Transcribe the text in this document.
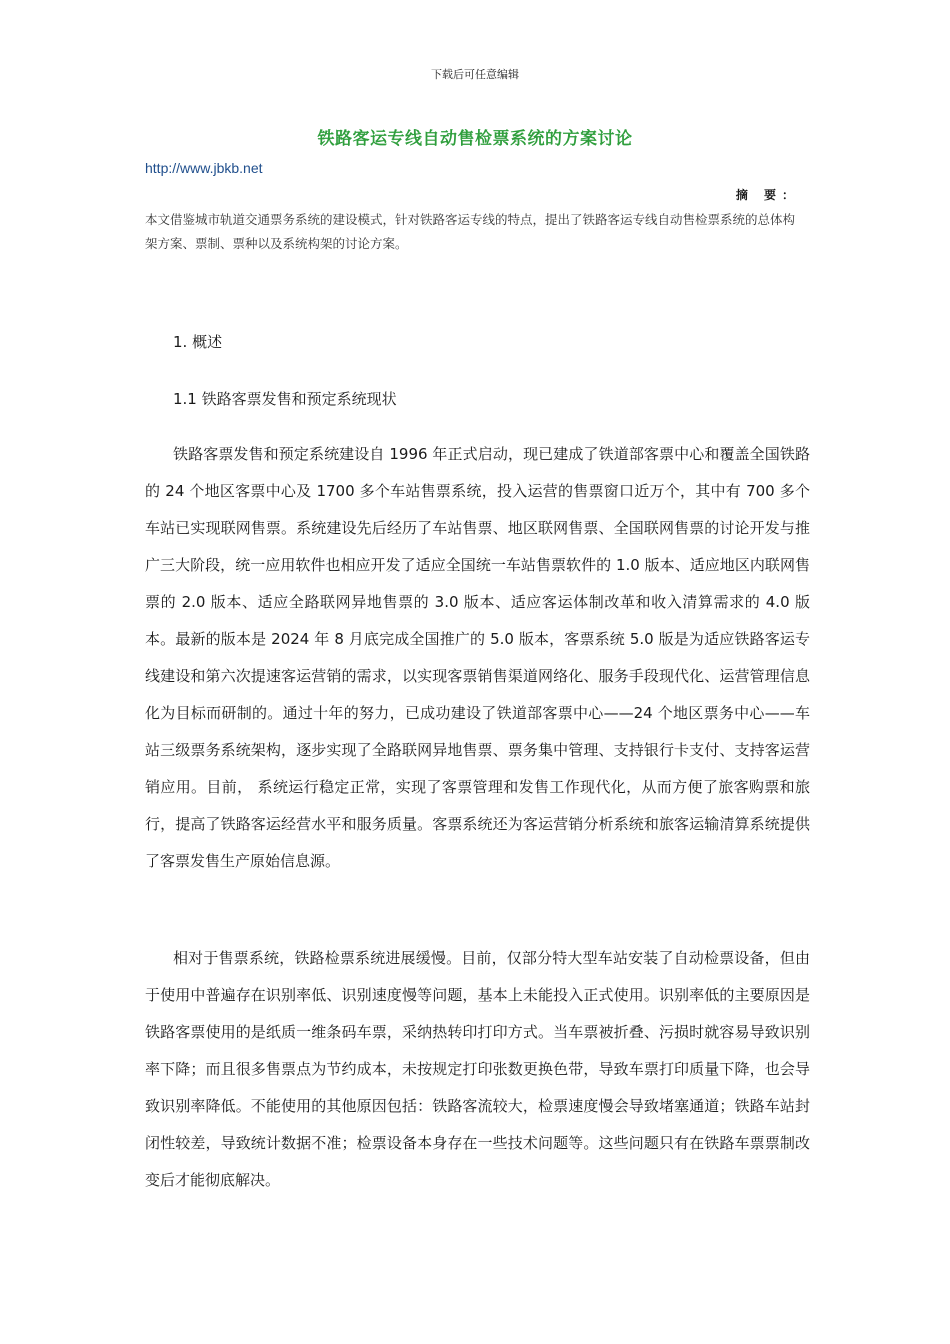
下载后可任意编辑
铁路客运专线自动售检票系统的方案讨论
http://www.jbkb.net
摘 要：
本文借鉴城市轨道交通票务系统的建设模式，针对铁路客运专线的特点，提出了铁路客运专线自动售检票系统的总体构架方案、票制、票种以及系统构架的讨论方案。
1. 概述
1.1 铁路客票发售和预定系统现状
铁路客票发售和预定系统建设自 1996 年正式启动，现已建成了铁道部客票中心和覆盖全国铁路的 24 个地区客票中心及 1700 多个车站售票系统，投入运营的售票窗口近万个，其中有 700 多个车站已实现联网售票。系统建设先后经历了车站售票、地区联网售票、全国联网售票的讨论开发与推广三大阶段，统一应用软件也相应开发了适应全国统一车站售票软件的 1.0 版本、适应地区内联网售票的 2.0 版本、适应全路联网异地售票的 3.0 版本、适应客运体制改革和收入清算需求的 4.0 版本。最新的版本是 2024 年 8 月底完成全国推广的 5.0 版本，客票系统 5.0 版是为适应铁路客运专线建设和第六次提速客运营销的需求，以实现客票销售渠道网络化、服务手段现代化、运营管理信息化为目标而研制的。通过十年的努力，已成功建设了铁道部客票中心——24 个地区票务中心——车站三级票务系统架构，逐步实现了全路联网异地售票、票务集中管理、支持银行卡支付、支持客运营销应用。目前， 系统运行稳定正常，实现了客票管理和发售工作现代化，从而方便了旅客购票和旅行，提高了铁路客运经营水平和服务质量。客票系统还为客运营销分析系统和旅客运输清算系统提供了客票发售生产原始信息源。
相对于售票系统，铁路检票系统进展缓慢。目前，仅部分特大型车站安装了自动检票设备，但由于使用中普遍存在识别率低、识别速度慢等问题，基本上未能投入正式使用。识别率低的主要原因是铁路客票使用的是纸质一维条码车票，采纳热转印打印方式。当车票被折叠、污损时就容易导致识别率下降；而且很多售票点为节约成本，未按规定打印张数更换色带，导致车票打印质量下降，也会导致识别率降低。不能使用的其他原因包括：铁路客流较大，检票速度慢会导致堵塞通道；铁路车站封闭性较差，导致统计数据不准；检票设备本身存在一些技术问题等。这些问题只有在铁路车票票制改变后才能彻底解决。
